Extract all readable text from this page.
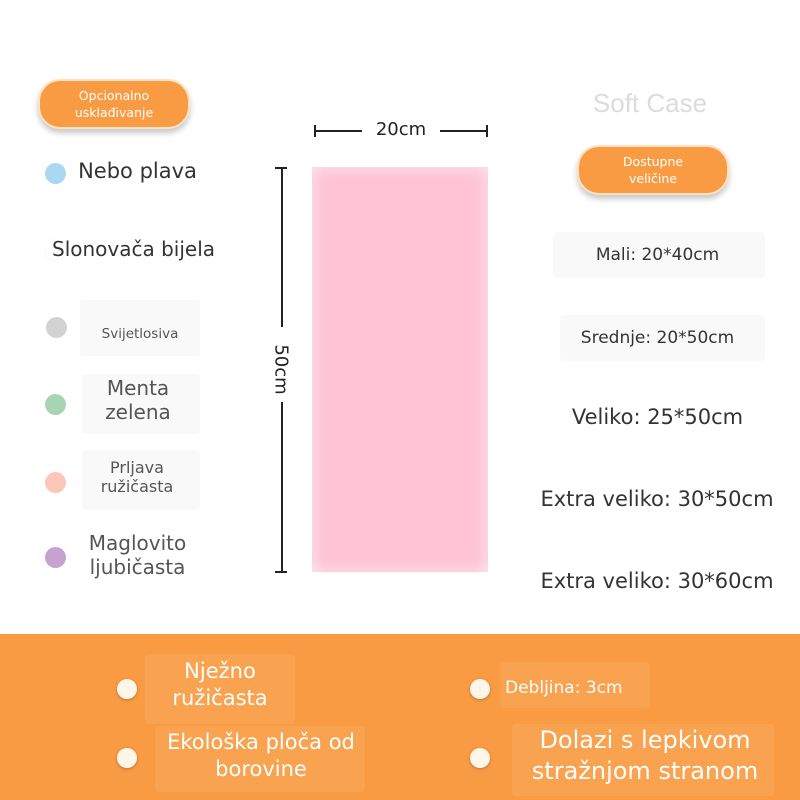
Opcionalno usklađivanje	Soft Case
Nebo plava
Slonovača bijela
Svijetlosiva
Menta zelena
Prljava ružičasta
Maglovito ljubičasta
20cm
50cm
Dostupne veličine
Mali: 20*40cm
Srednje: 20*50cm
Veliko: 25*50cm
Extra veliko: 30*50cm
Extra veliko: 30*60cm
Nježno ružičasta	Debljina: 3cm
Ekološka ploča od borovine
Dolazi s lepkivom stražnjom stranom
